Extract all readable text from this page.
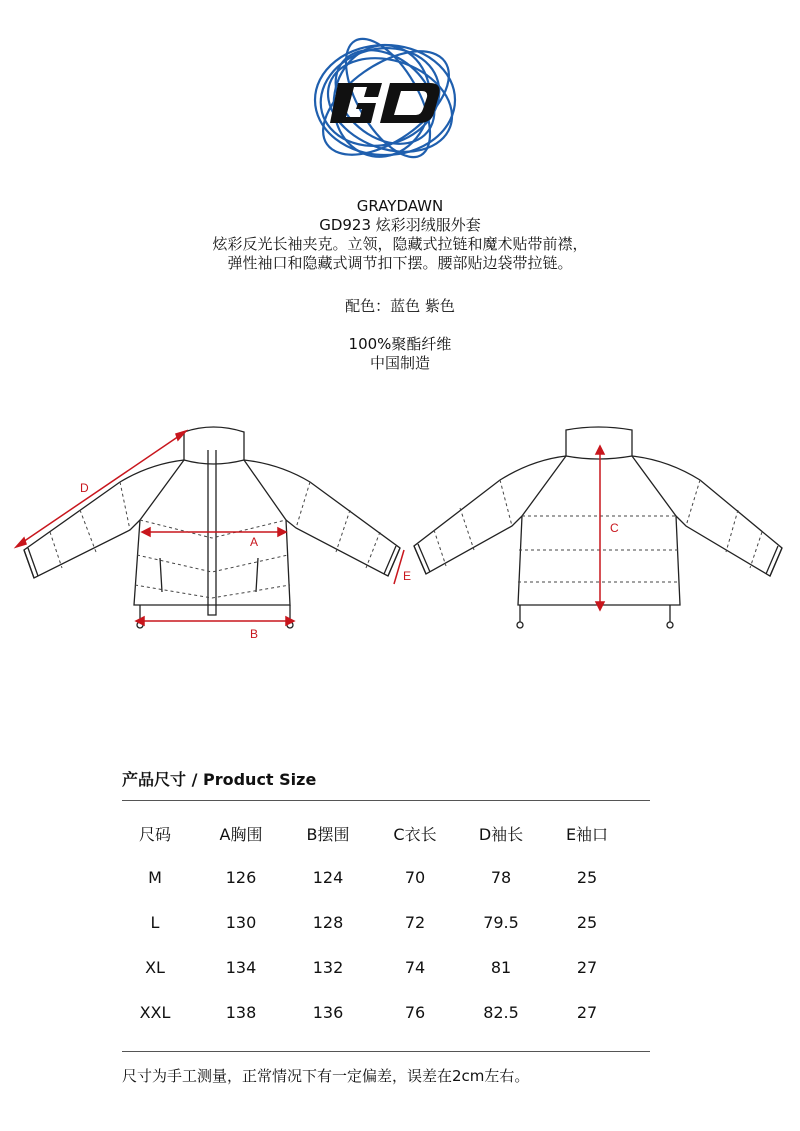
GRAYDAWN
GD923 炫彩羽绒服外套
炫彩反光长袖夹克。立领，隐藏式拉链和魔术贴带前襟，
弹性袖口和隐藏式调节扣下摆。腰部贴边袋带拉链。
配色：蓝色 紫色
100%聚酯纤维
中国制造
D
A
B
E
C
产品尺寸 / Product Size
尺码	A胸围	B摆围	C衣长	D袖长	E袖口
M	126	124	70	78	25
L	130	128	72	79.5	25
XL	134	132	74	81	27
XXL	138	136	76	82.5	27
尺寸为手工测量，正常情况下有一定偏差，误差在2cm左右。
